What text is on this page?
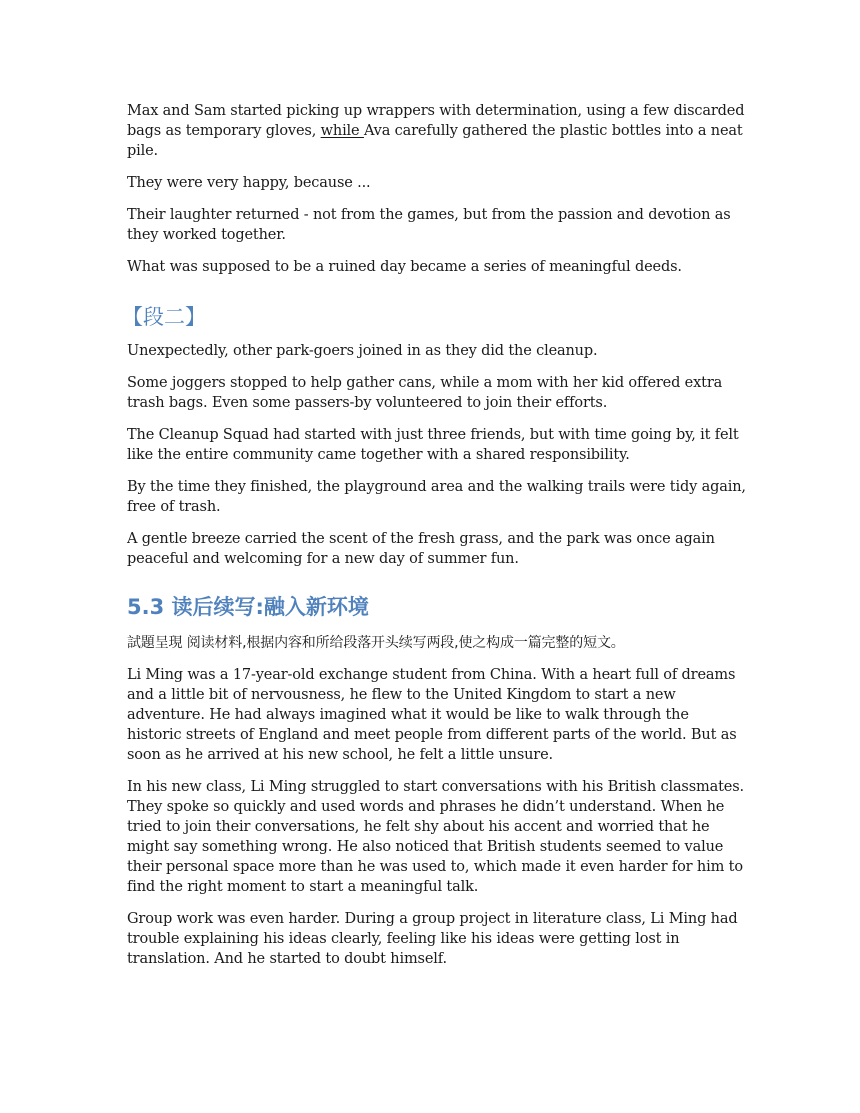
Max and Sam started picking up wrappers with determination, using a few discarded bags as temporary gloves, while Ava carefully gathered the plastic bottles into a neat pile.

They were very happy, because ...

Their laughter returned - not from the games, but from the passion and devotion as they worked together.

What was supposed to be a ruined day became a series of meaningful deeds.

【段二】

Unexpectedly, other park-goers joined in as they did the cleanup.

Some joggers stopped to help gather cans, while a mom with her kid offered extra trash bags. Even some passers-by volunteered to join their efforts.

The Cleanup Squad had started with just three friends, but with time going by, it felt like the entire community came together with a shared responsibility.

By the time they finished, the playground area and the walking trails were tidy again, free of trash.

A gentle breeze carried the scent of the fresh grass, and the park was once again peaceful and welcoming for a new day of summer fun.

5.3 读后续写:融入新环境

試題呈現 阅读材料,根据内容和所给段落开头续写两段,使之构成一篇完整的短文。

Li Ming was a 17-year-old exchange student from China. With a heart full of dreams and a little bit of nervousness, he flew to the United Kingdom to start a new adventure. He had always imagined what it would be like to walk through the historic streets of England and meet people from different parts of the world. But as soon as he arrived at his new school, he felt a little unsure.

In his new class, Li Ming struggled to start conversations with his British classmates. They spoke so quickly and used words and phrases he didn’t understand. When he tried to join their conversations, he felt shy about his accent and worried that he might say something wrong. He also noticed that British students seemed to value their personal space more than he was used to, which made it even harder for him to find the right moment to start a meaningful talk.

Group work was even harder. During a group project in literature class, Li Ming had trouble explaining his ideas clearly, feeling like his ideas were getting lost in translation. And he started to doubt himself.
